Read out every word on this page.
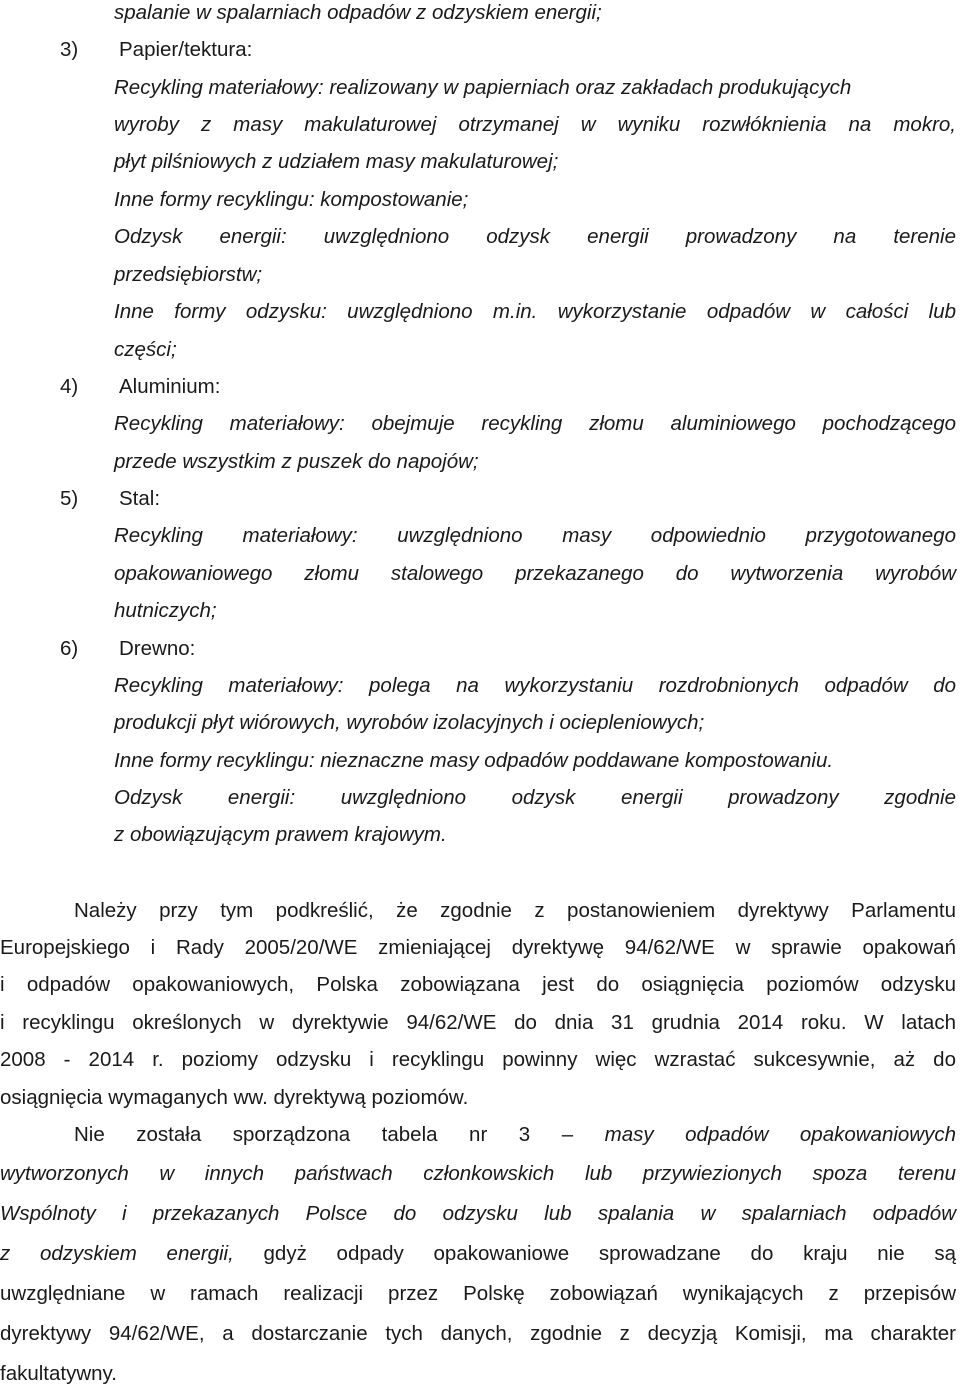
spalanie w spalarniach odpadów z odzyskiem energii;
3) Papier/tektura:
Recykling materiałowy: realizowany w papierniach oraz zakładach produkujących
wyroby z masy makulaturowej otrzymanej w wyniku rozwłóknienia na mokro,
płyt pilśniowych z udziałem masy makulaturowej;
Inne formy recyklingu: kompostowanie;
Odzysk energii: uwzględniono odzysk energii prowadzony na terenie
przedsiębiorstw;
Inne formy odzysku: uwzględniono m.in. wykorzystanie odpadów w całości lub
części;
4) Aluminium:
Recykling materiałowy: obejmuje recykling złomu aluminiowego pochodzącego
przede wszystkim z puszek do napojów;
5) Stal:
Recykling materiałowy: uwzględniono masy odpowiednio przygotowanego
opakowaniowego złomu stalowego przekazanego do wytworzenia wyrobów
hutniczych;
6) Drewno:
Recykling materiałowy: polega na wykorzystaniu rozdrobnionych odpadów do
produkcji płyt wiórowych, wyrobów izolacyjnych i ociepleniowych;
Inne formy recyklingu: nieznaczne masy odpadów poddawane kompostowaniu.
Odzysk energii: uwzględniono odzysk energii prowadzony zgodnie
z obowiązującym prawem krajowym.
Należy przy tym podkreślić, że zgodnie z postanowieniem dyrektywy Parlamentu
Europejskiego i Rady 2005/20/WE zmieniającej dyrektywę 94/62/WE w sprawie opakowań
i odpadów opakowaniowych, Polska zobowiązana jest do osiągnięcia poziomów odzysku
i recyklingu określonych w dyrektywie 94/62/WE do dnia 31 grudnia 2014 roku. W latach
2008 - 2014 r. poziomy odzysku i recyklingu powinny więc wzrastać sukcesywnie, aż do
osiągnięcia wymaganych ww. dyrektywą poziomów.
Nie została sporządzona tabela nr 3 – masy odpadów opakowaniowych
wytworzonych w innych państwach członkowskich lub przywiezionych spoza terenu
Wspólnoty i przekazanych Polsce do odzysku lub spalania w spalarniach odpadów
z odzyskiem energii, gdyż odpady opakowaniowe sprowadzane do kraju nie są
uwzględniane w ramach realizacji przez Polskę zobowiązań wynikających z przepisów
dyrektywy 94/62/WE, a dostarczanie tych danych, zgodnie z decyzją Komisji, ma charakter
fakultatywny.
